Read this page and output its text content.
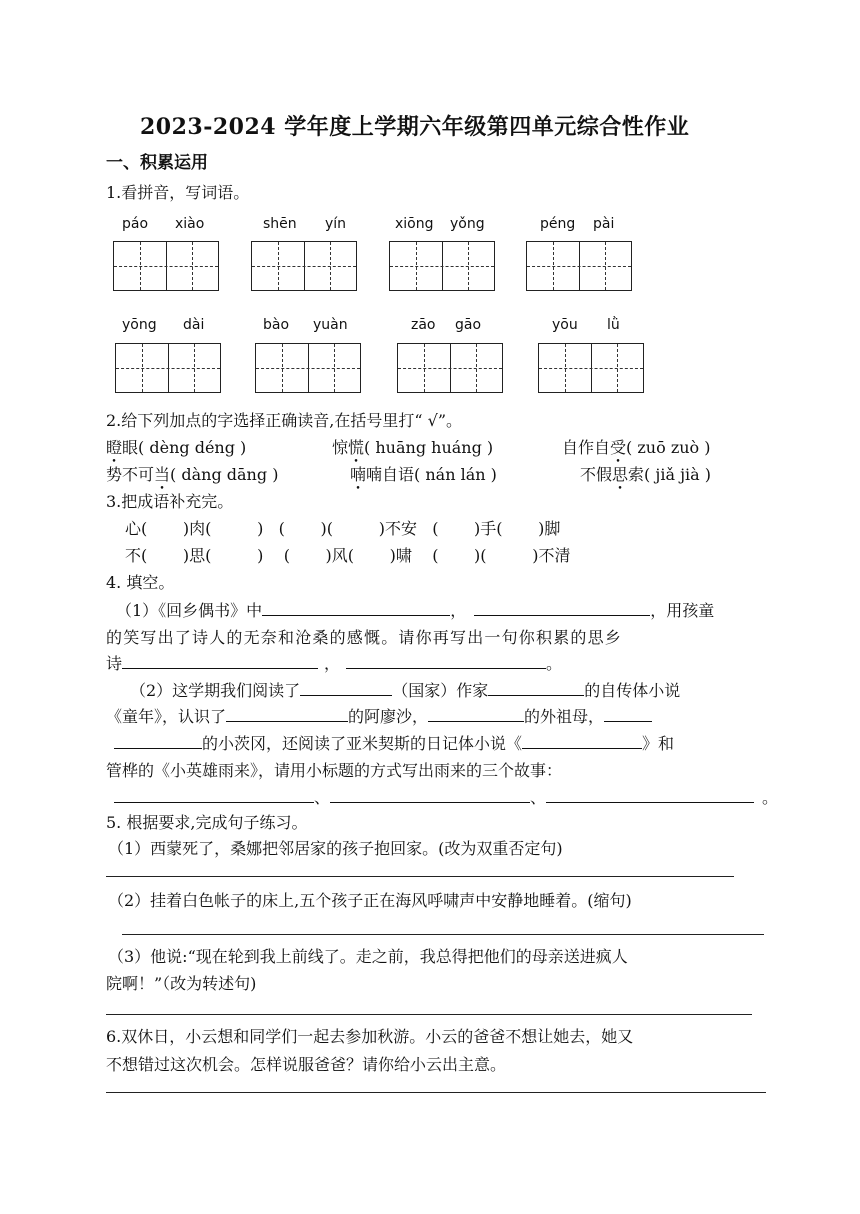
2023-2024 学年度上学期六年级第四单元综合性作业
一、积累运用
1.看拼音，写词语。
páo xiào	shēn yín	xiōng yǒng	péng pài
yōng dài	bào yuàn	zāo gāo	yōu lǜ
2.给下列加点的字选择正确读音,在括号里打“ √”。
瞪眼( dèng déng )	惊慌( huāng huáng )	自作自受( zuō zuò )
势不可当( dàng dāng )	喃喃自语( nán lán )	不假思索( jiǎ jià )
3.把成语补充完。
心(       )肉(         )   (       )(         )不安   (       )手(       )脚
不(       )思(         )    (       )风(       )啸    (       )(         )不清
4. 填空。
（1）《回乡偶书》中	，	，用孩童
的笑写出了诗人的无奈和沧桑的感慨。请你再写出一句你积累的思乡
诗	，	。
（2）这学期我们阅读了	（国家）作家	的自传体小说
《童年》，认识了	的阿廖沙，	的外祖母，
的小茨冈，还阅读了亚米契斯的日记体小说《	》和
管桦的《小英雄雨来》，请用小标题的方式写出雨来的三个故事：
、	、	。
5. 根据要求,完成句子练习。
（1）西蒙死了，桑娜把邻居家的孩子抱回家。(改为双重否定句)
（2）挂着白色帐子的床上,五个孩子正在海风呼啸声中安静地睡着。(缩句)
（3）他说:“现在轮到我上前线了。走之前，我总得把他们的母亲送进疯人
院啊！”（改为转述句)
6.双休日，小云想和同学们一起去参加秋游。小云的爸爸不想让她去，她又
不想错过这次机会。怎样说服爸爸？请你给小云出主意。
